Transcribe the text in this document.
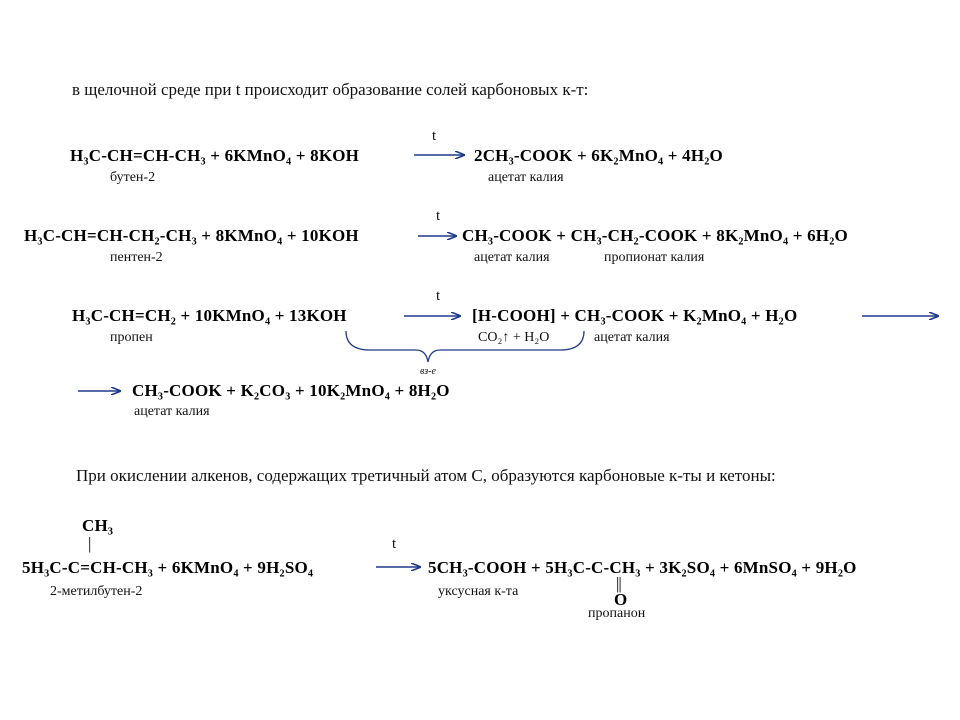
в щелочной среде при t происходит образование солей карбоновых к-т:
t
H₃C-CH=CH-CH₃ + 6KMnO₄ + 8KOH	2CH₃-COOK + 6K₂MnO₄ + 4H₂O
бутен-2	ацетат калия
t
H₃C-CH=CH-CH₂-CH₃ + 8KMnO₄ + 10KOH	CH₃-COOK + CH₃-CH₂-COOK + 8K₂MnO₄ + 6H₂O
пентен-2	ацетат калия	пропионат калия
t
H₃C-CH=CH₂ + 10KMnO₄ + 13KOH	[H-COOH] + CH₃-COOK + K₂MnO₄ + H₂O
пропен	CO₂↑ + H₂O	ацетат калия
вз-е
CH₃-COOK + K₂CO₃ + 10K₂MnO₄ + 8H₂O
ацетат калия
При окислении алкенов, содержащих третичный атом С, образуются карбоновые к-ты и кетоны:
CH₃
|	t
5H₃C-C=CH-CH₃ + 6KMnO₄ + 9H₂SO₄	5CH₃-COOH + 5H₃C-C-CH₃ + 3K₂SO₄ + 6MnSO₄ + 9H₂O
||
O
2-метилбутен-2	уксусная к-та
пропанон
